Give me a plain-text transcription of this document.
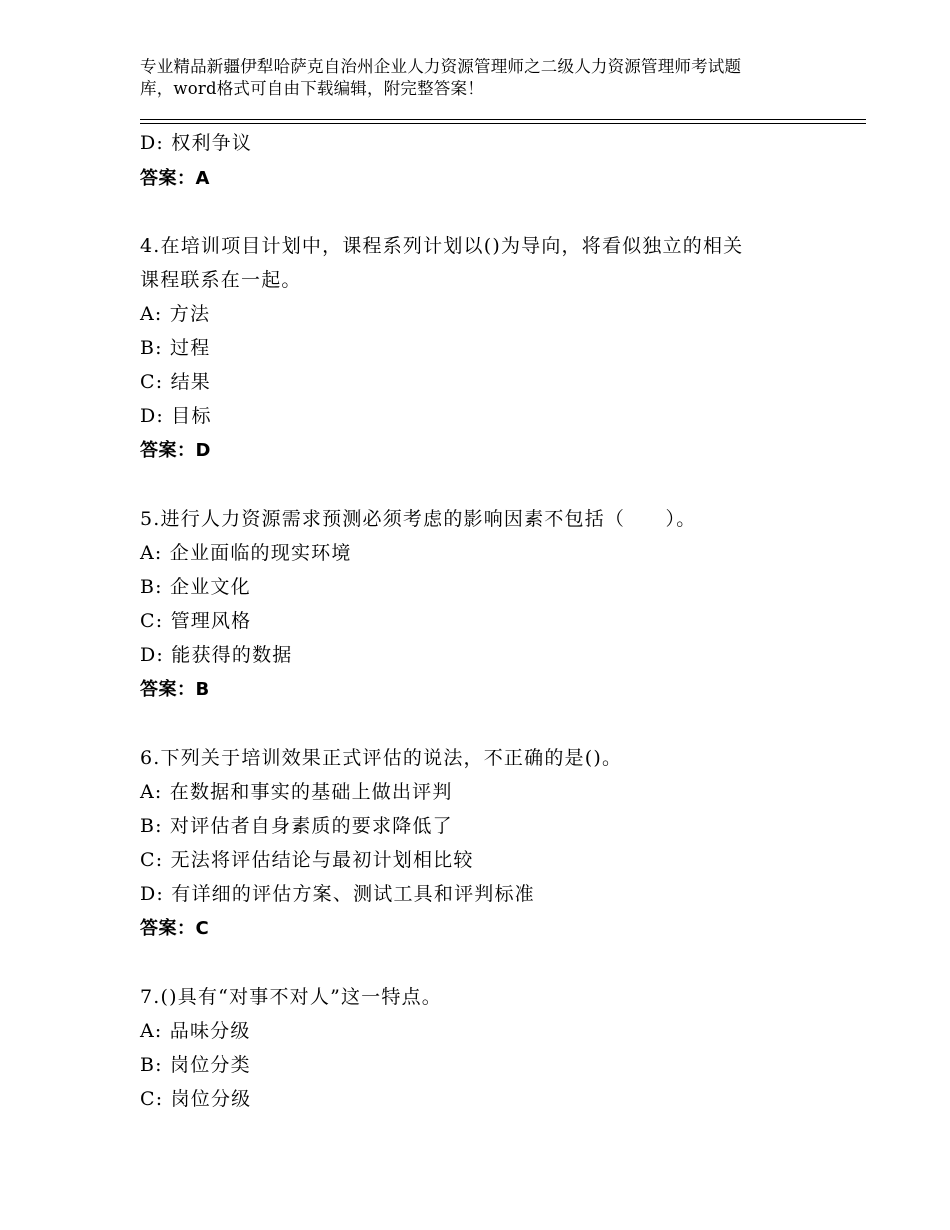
专业精品新疆伊犁哈萨克自治州企业人力资源管理师之二级人力资源管理师考试题
库，word格式可自由下载编辑，附完整答案！
D: 权利争议
答案：A
4.在培训项目计划中，课程系列计划以()为导向，将看似独立的相关
课程联系在一起。
A: 方法
B: 过程
C: 结果
D: 目标
答案：D
5.进行人力资源需求预测必须考虑的影响因素不包括（　　）。
A: 企业面临的现实环境
B: 企业文化
C: 管理风格
D: 能获得的数据
答案：B
6.下列关于培训效果正式评估的说法，不正确的是()。
A: 在数据和事实的基础上做出评判
B: 对评估者自身素质的要求降低了
C: 无法将评估结论与最初计划相比较
D: 有详细的评估方案、测试工具和评判标准
答案：C
7.()具有“对事不对人”这一特点。
A: 品味分级
B: 岗位分类
C: 岗位分级
